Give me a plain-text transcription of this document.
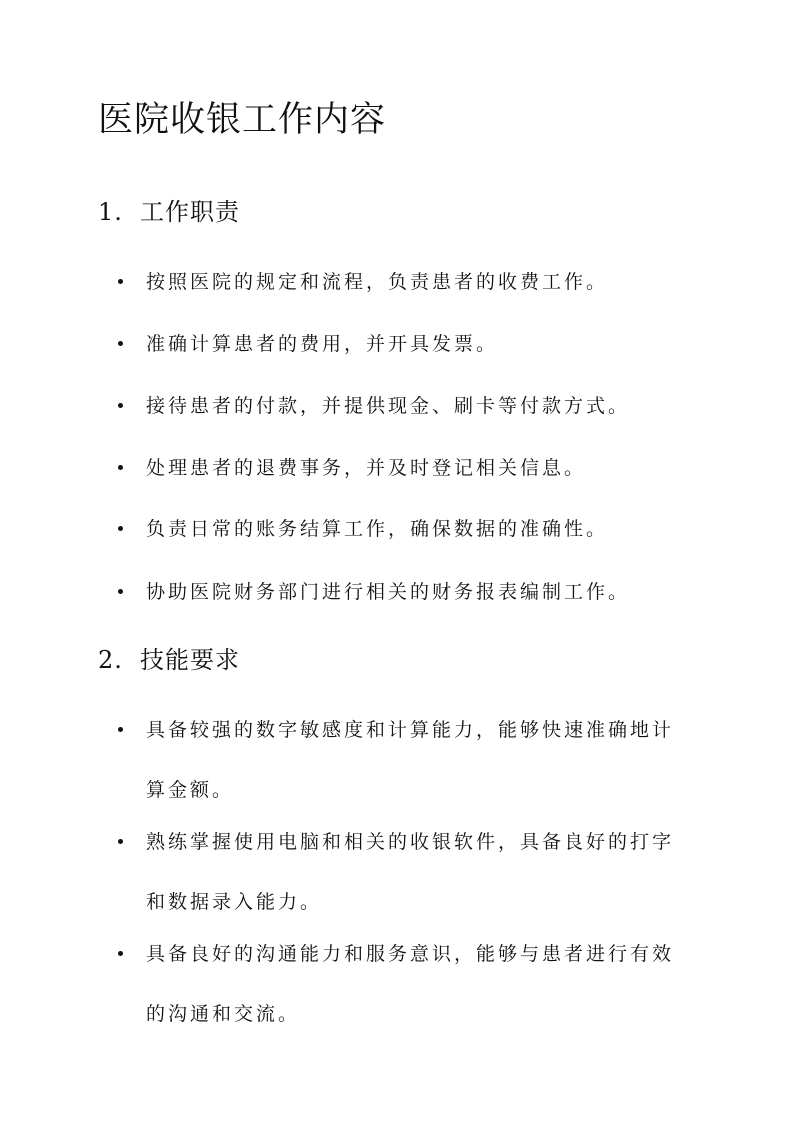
医院收银工作内容
1. 工作职责
按照医院的规定和流程，负责患者的收费工作。
准确计算患者的费用，并开具发票。
接待患者的付款，并提供现金、刷卡等付款方式。
处理患者的退费事务，并及时登记相关信息。
负责日常的账务结算工作，确保数据的准确性。
协助医院财务部门进行相关的财务报表编制工作。
2. 技能要求
具备较强的数字敏感度和计算能力，能够快速准确地计算金额。
熟练掌握使用电脑和相关的收银软件，具备良好的打字和数据录入能力。
具备良好的沟通能力和服务意识，能够与患者进行有效的沟通和交流。
